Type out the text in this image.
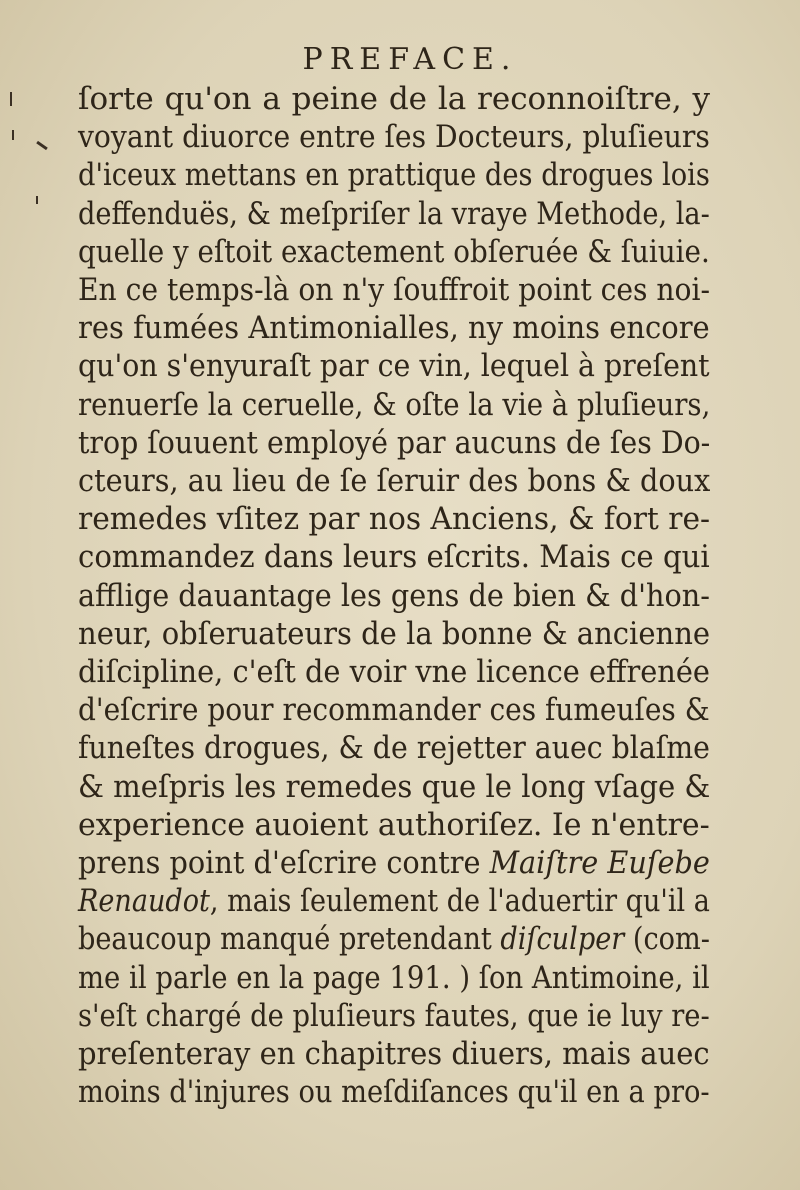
PREFACE.
ſorte qu'on a peine de la reconnoiſtre, y
voyant diuorce entre ſes Docteurs, pluſieurs
d'iceux mettans en prattique des drogues lois
deffenduës, & meſpriſer la vraye Methode, la-
quelle y eſtoit exactement obſeruée & ſuiuie.
En ce temps-là on n'y ſouffroit point ces noi-
res fumées Antimonialles, ny moins encore
qu'on s'enyuraſt par ce vin, lequel à preſent
renuerſe la ceruelle, & oſte la vie à pluſieurs,
trop ſouuent employé par aucuns de ſes Do-
cteurs, au lieu de ſe ſeruir des bons & doux
remedes vſitez par nos Anciens, & fort re-
commandez dans leurs eſcrits. Mais ce qui
afflige dauantage les gens de bien & d'hon-
neur, obſeruateurs de la bonne & ancienne
diſcipline, c'eſt de voir vne licence effrenée
d'eſcrire pour recommander ces fumeuſes &
funeſtes drogues, & de rejetter auec blaſme
& meſpris les remedes que le long vſage &
experience auoient authoriſez. Ie n'entre-
prens point d'eſcrire contre Maiſtre Euſebe
Renaudot, mais ſeulement de l'aduertir qu'il a
beaucoup manqué pretendant diſculper (com-
me il parle en la page 191. ) ſon Antimoine, il
s'eſt chargé de pluſieurs fautes, que ie luy re-
preſenteray en chapitres diuers, mais auec
moins d'injures ou meſdiſances qu'il en a pro-
